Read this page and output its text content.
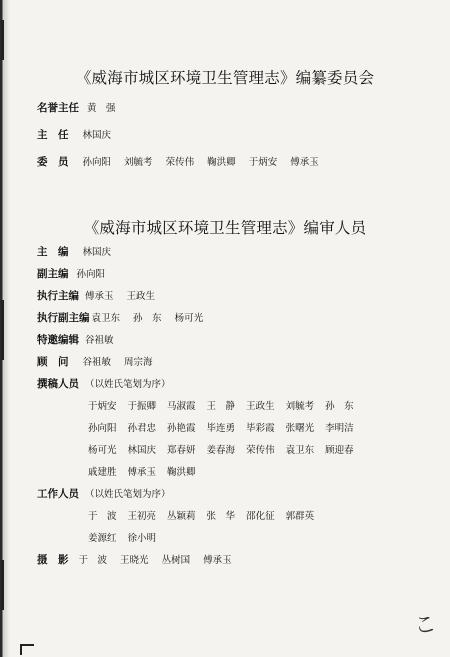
《威海市城区环境卫生管理志》编纂委员会
名誉主任 黄　强
主　任 林国庆
委　员 孙向阳 刘毓考 荣传伟 鞠洪卿 于炳安 傅承玉
《威海市城区环境卫生管理志》编审人员
主　编 林国庆
副主编 孙向阳
执行主编 傅承玉 王政生
执行副主编 袁卫东 孙　东 杨可光
特邀编辑 谷祖敏
顾　问 谷祖敏 周宗海
撰稿人员 （以姓氏笔划为序）
于炳安 于振卿 马淑霞 王　静 王政生 刘毓考 孙　东
孙向阳 孙君忠 孙艳霞 毕连勇 毕彩霞 张曙光 李明洁
杨可光 林国庆 郑春妍 姜春海 荣传伟 袁卫东 顾迎春
戚建胜 傅承玉 鞠洪卿
工作人员 （以姓氏笔划为序）
于　波 王初亮 丛颖莉 张　华 邵化征 郭群英
姜源红 徐小明
摄　影 于　波 王晓光 丛树国 傅承玉
こ
